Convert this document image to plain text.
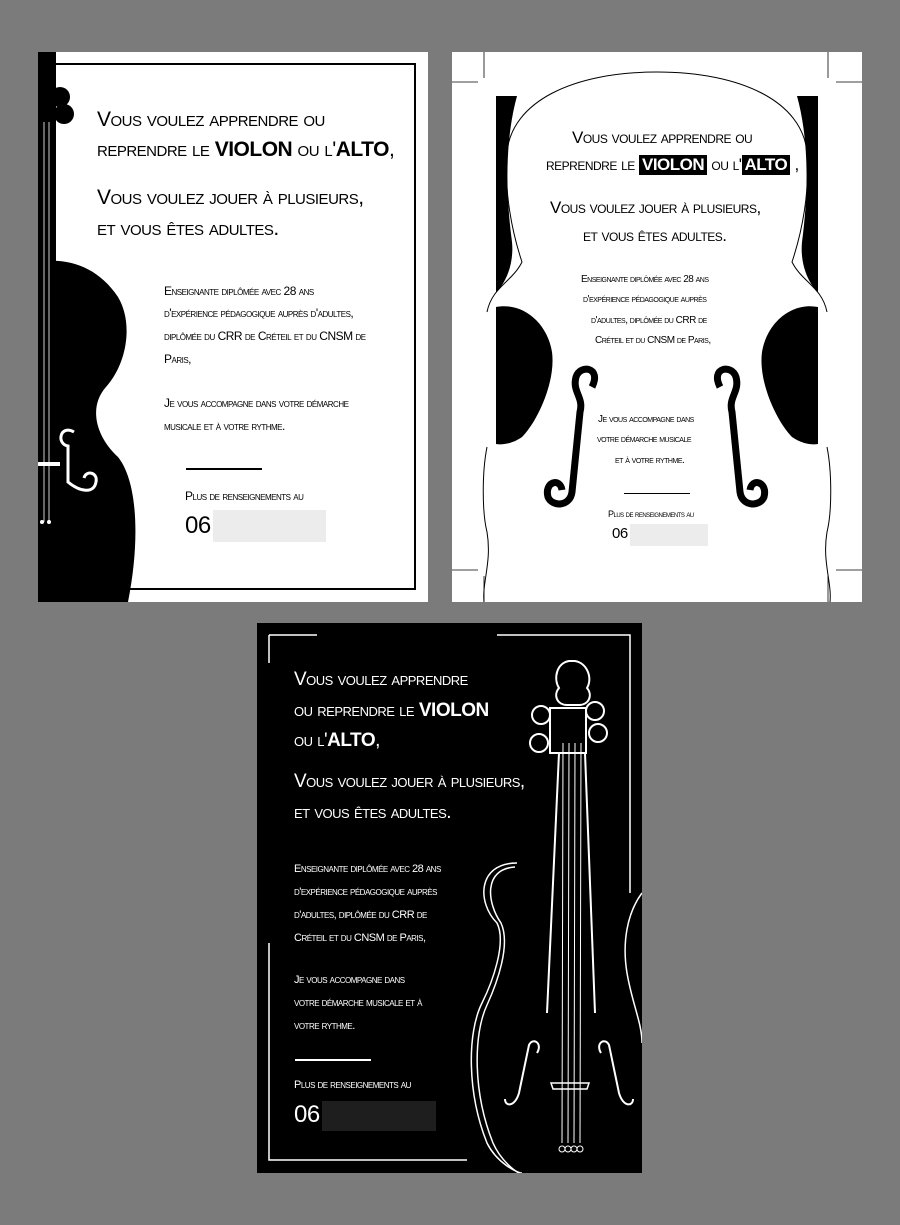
Vous voulez apprendre ou
reprendre le VIOLON ou l'ALTO,
Vous voulez jouer à plusieurs,
et vous êtes adultes.
Enseignante diplômée avec 28 ans
d'expérience pédagogique auprès d'adultes,
diplômée du CRR de Créteil et du CNSM de
Paris,
Je vous accompagne dans votre démarche
musicale et à votre rythme.
Plus de renseignements au
06
Vous voulez apprendre ou
reprendre le VIOLON ou l' ALTO ,
Vous voulez jouer à plusieurs,
et vous êtes adultes.
Enseignante diplômée avec 28 ans
d'expérience pédagogique auprès
d'adultes, diplômée du CRR de
Créteil et du CNSM de Paris,
Je vous accompagne dans
votre démarche musicale
et à votre rythme.
Plus de renseignements au
06
Vous voulez apprendre
ou reprendre le VIOLON
ou l'ALTO,
Vous voulez jouer à plusieurs,
et vous êtes adultes.
Enseignante diplômée avec 28 ans
d'expérience pédagogique auprès
d'adultes, diplômée du CRR de
Créteil et du CNSM de Paris,
Je vous accompagne dans
votre démarche musicale et à
votre rythme.
Plus de renseignements au
06
